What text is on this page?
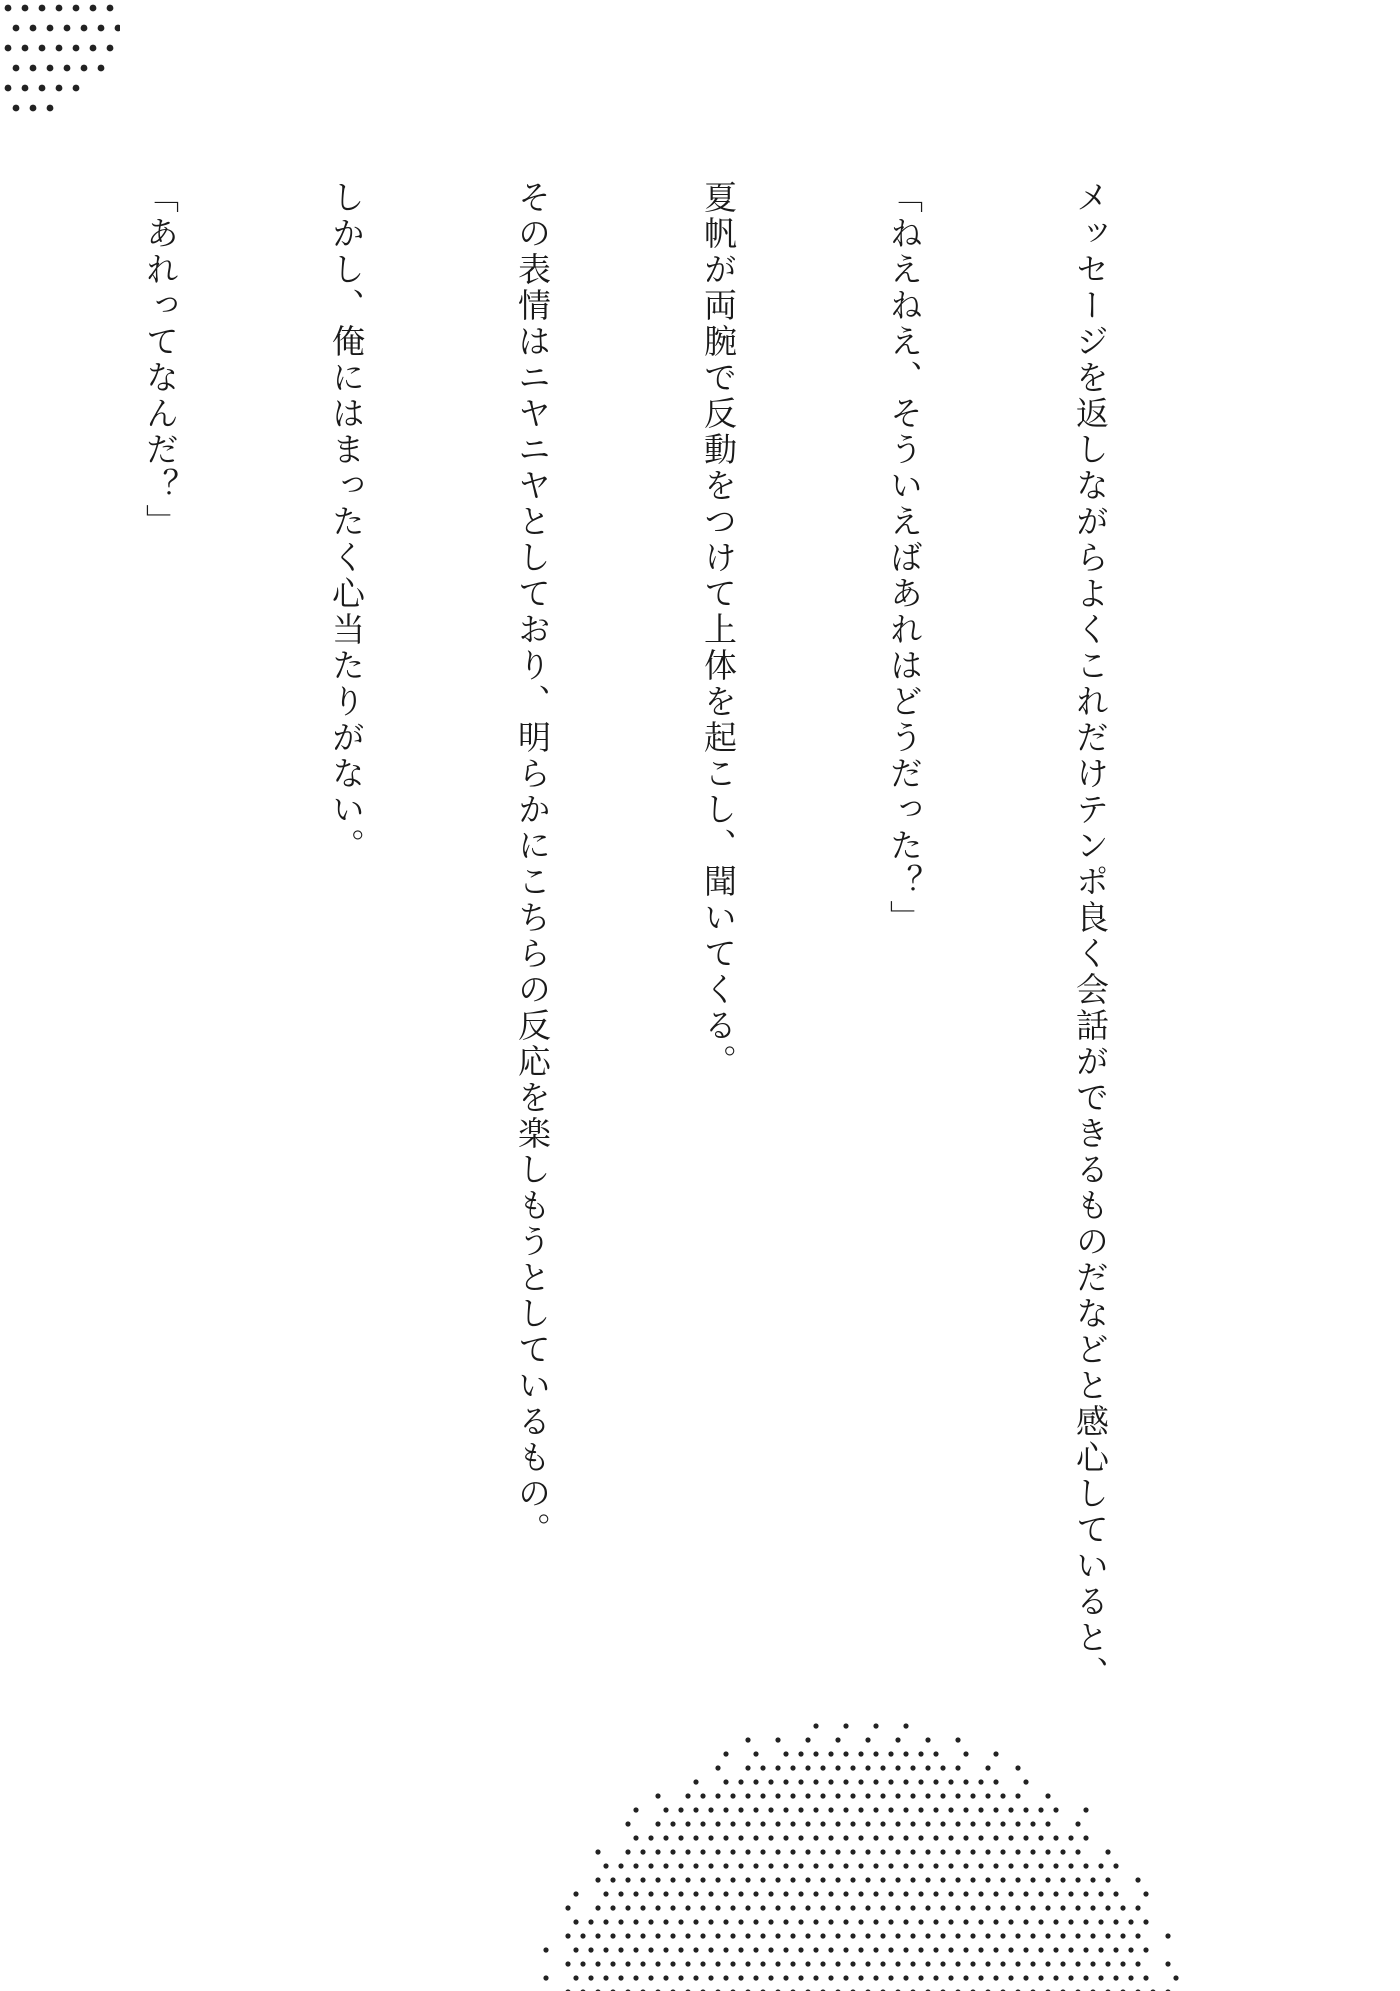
メッセージを返しながらよくこれだけテンポ良く会話ができるものだなどと感心していると、

「ねえねえ、そういえばあれはどうだった？」

夏帆が両腕で反動をつけて上体を起こし、聞いてくる。

その表情はニヤニヤとしており、明らかにこちらの反応を楽しもうとしているもの。

しかし、俺にはまったく心当たりがない。

「あれってなんだ？」
